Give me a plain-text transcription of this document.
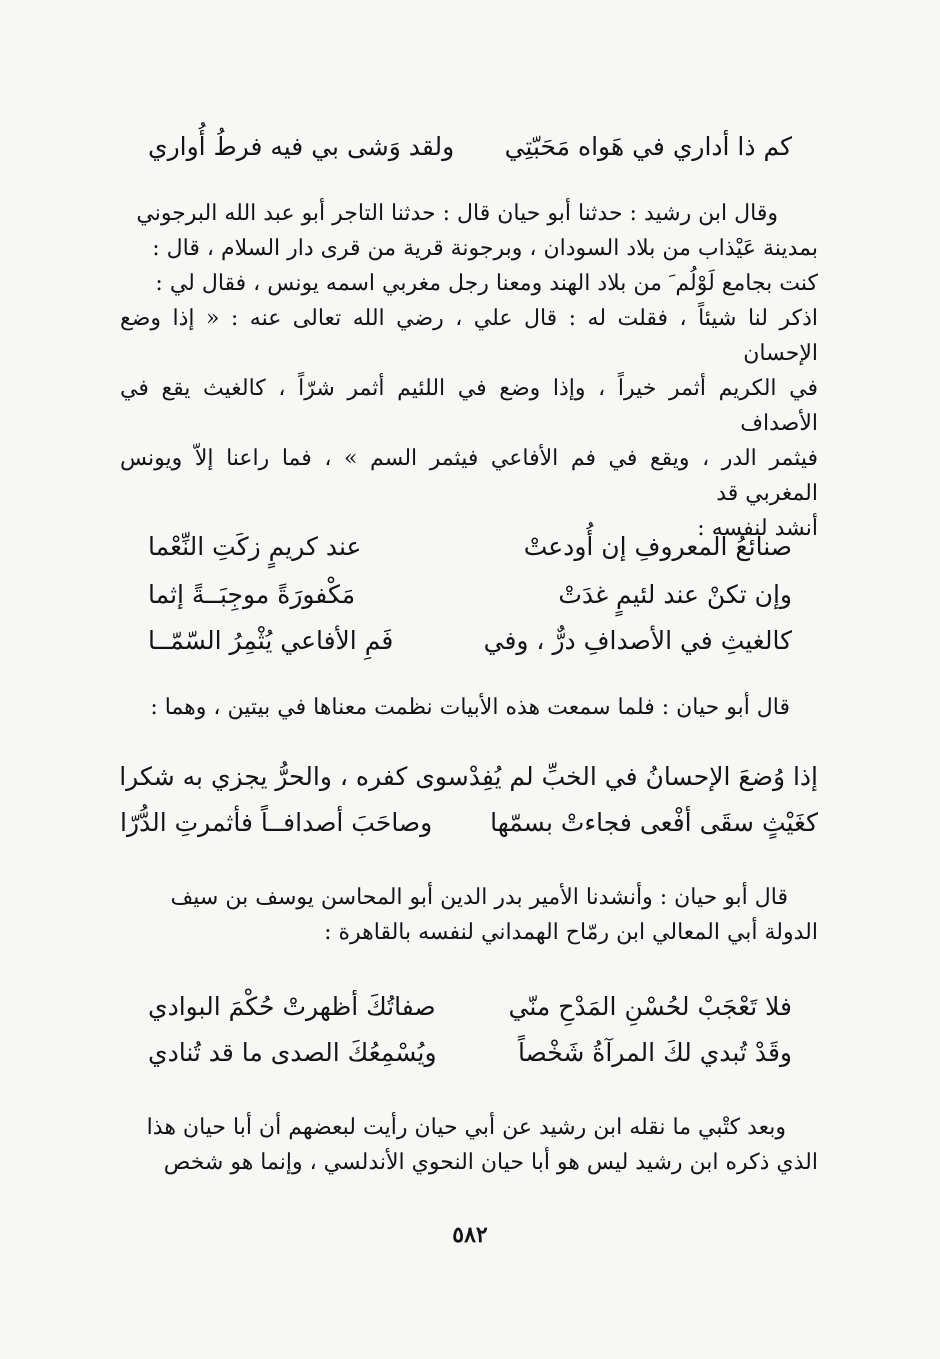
كم ذا أداري في هَواه مَحَبّتِي
ولقد وَشى بي فيه فرطُ أُواري

وقال ابن رشيد : حدثنا أبو حيان قال : حدثنا التاجر أبو عبد الله البرجوني

بمدينة عَيْذاب من بلاد السودان ، وبرجونة قرية من قرى دار السلام ، قال :

كنت بجامع لَوْلُم َ من بلاد الهند ومعنا رجل مغربي اسمه يونس ، فقال لي :

اذكر لنا شيئاً ، فقلت له : قال علي ، رضي الله تعالى عنه : « إذا وضع الإحسان

في الكريم أثمر خيراً ، وإذا وضع في اللئيم أثمر شرّاً ، كالغيث يقع في الأصداف

فيثمر الدر ، ويقع في فم الأفاعي فيثمر السم » ، فما راعنا إلاّ ويونس المغربي قد

أنشد لنفسه :

صنائعُ المعروفِ إن أُودعتْ
عند كريمٍ زكَتِ النِّعْما
وإن تكنْ عند لئيمٍ غدَتْ
مَكْفورَةً موجِبَــةً إثما
كالغيثِ في الأصدافِ درٌّ ، وفي
فَمِ الأفاعي يُثْمِرُ السّمّــا

قال أبو حيان : فلما سمعت هذه الأبيات نظمت معناها في بيتين ، وهما :

إذا وُضعَ الإحسانُ في الخبِّ لم يُفِدْ
سوى كفره ، والحرُّ يجزي به شكرا
كغَيْثٍ سقَى أفْعى فجاءتْ بسمّها
وصاحَبَ أصدافــاً فأثمرتِ الدُّرّا

قال أبو حيان : وأنشدنا الأمير بدر الدين أبو المحاسن يوسف بن سيف

الدولة أبي المعالي ابن رمّاح الهمداني لنفسه بالقاهرة :

فلا تَعْجَبْ لحُسْنِ المَدْحِ منّي
صفاتُكَ أظهرتْ حُكْمَ البوادي
وقَدْ تُبدي لكَ المرآةُ شَخْصاً
ويُسْمِعُكَ الصدى ما قد تُنادي

وبعد كتْبي ما نقله ابن رشيد عن أبي حيان رأيت لبعضهم أن أبا حيان هذا

الذي ذكره ابن رشيد ليس هو أبا حيان النحوي الأندلسي ، وإنما هو شخص

٥٨٢
